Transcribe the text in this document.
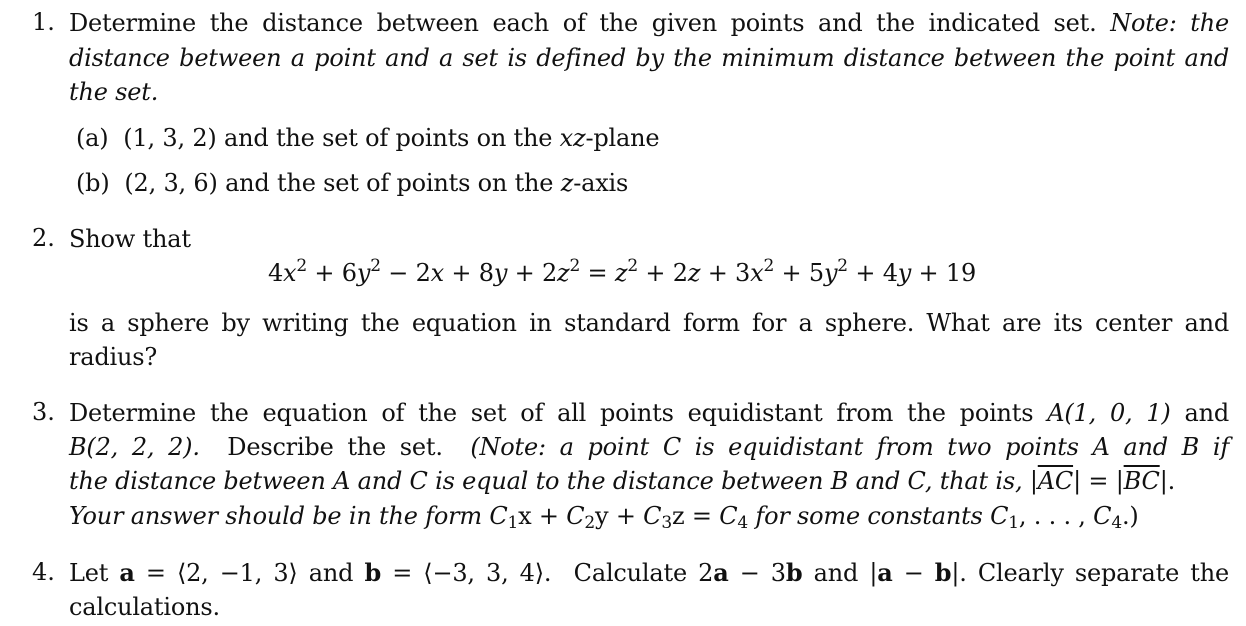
1. Determine the distance between each of the given points and the indicated set. Note: the
distance between a point and a set is defined by the minimum distance between the point and
the set.
(a) (1, 3, 2) and the set of points on the xz-plane
(b) (2, 3, 6) and the set of points on the z-axis
2. Show that
$4x^2 + 6y^2 - 2x + 8y + 2z^2 = z^2 + 2z + 3x^2 + 5y^2 + 4y + 19$
is a sphere by writing the equation in standard form for a sphere. What are its center and
radius?
3. Determine the equation of the set of all points equidistant from the points A(1, 0, 1) and
B(2, 2, 2). Describe the set. (Note: a point C is equidistant from two points A and B if
the distance between A and C is equal to the distance between B and C, that is, $|\overline{AC}| = |\overline{BC}|$.
Your answer should be in the form $C_1x + C_2y + C_3z = C_4$ for some constants $C_1$, . . . , $C_4$.)
4. Let a = ⟨2, −1, 3⟩ and b = ⟨−3, 3, 4⟩. Calculate 2a − 3b and |a − b|. Clearly separate the
calculations.
